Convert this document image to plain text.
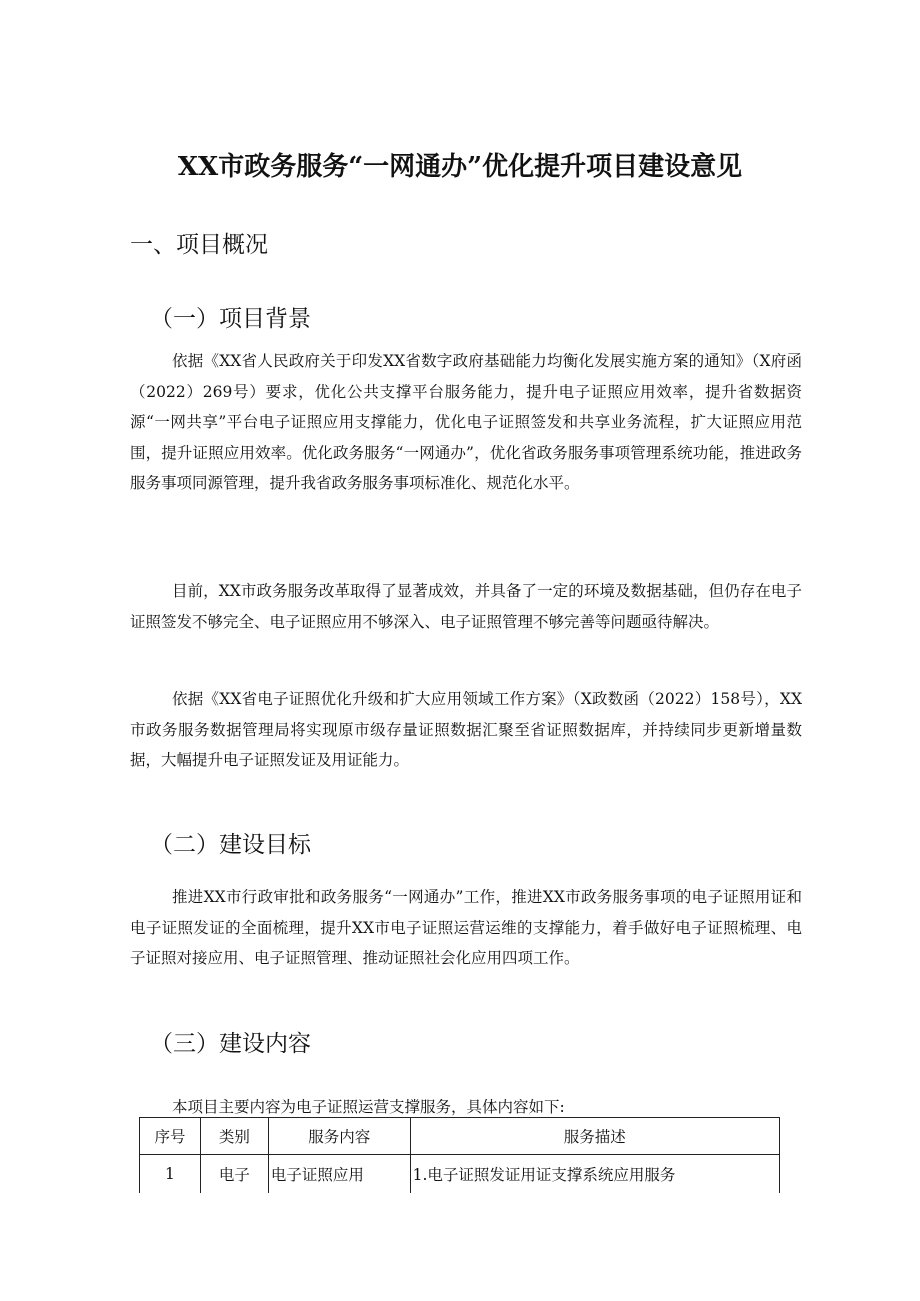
XX市政务服务“一网通办”优化提升项目建设意见
一、项目概况
（一）项目背景

依据《XX省人民政府关于印发XX省数字政府基础能力均衡化发展实施方案的通知》（X府函（2022）269号）要求，优化公共支撑平台服务能力，提升电子证照应用效率，提升省数据资源“一网共享”平台电子证照应用支撑能力，优化电子证照签发和共享业务流程，扩大证照应用范围，提升证照应用效率。优化政务服务“一网通办”，优化省政务服务事项管理系统功能，推进政务服务事项同源管理，提升我省政务服务事项标准化、规范化水平。

目前，XX市政务服务改革取得了显著成效，并具备了一定的环境及数据基础，但仍存在电子证照签发不够完全、电子证照应用不够深入、电子证照管理不够完善等问题亟待解决。

依据《XX省电子证照优化升级和扩大应用领域工作方案》（X政数函（2022）158号），XX市政务服务数据管理局将实现原市级存量证照数据汇聚至省证照数据库，并持续同步更新增量数据，大幅提升电子证照发证及用证能力。

（二）建设目标

推进XX市行政审批和政务服务“一网通办”工作，推进XX市政务服务事项的电子证照用证和电子证照发证的全面梳理，提升XX市电子证照运营运维的支撑能力，着手做好电子证照梳理、电子证照对接应用、电子证照管理、推动证照社会化应用四项工作。

（三）建设内容
本项目主要内容为电子证照运营支撑服务，具体内容如下:
序号	类别	服务内容	服务描述
1	电子	电子证照应用	1.电子证照发证用证支撑系统应用服务
